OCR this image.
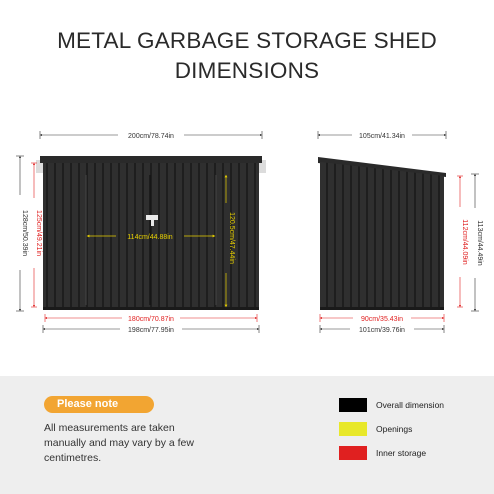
METAL GARBAGE STORAGE SHED
DIMENSIONS
200cm/78.74in
128cm/50.39in 125cm/49.21in	114cm/44.88in	120.5cm/47.44in
180cm/70.87in
198cm/77.95in
105cm/41.34in
113cm/44.49in
112cm/44.09in
90cm/35.43in
101cm/39.76in
Please note
All measurements are taken manually and may vary by a few centimetres.
Overall dimension
Openings
Inner storage
